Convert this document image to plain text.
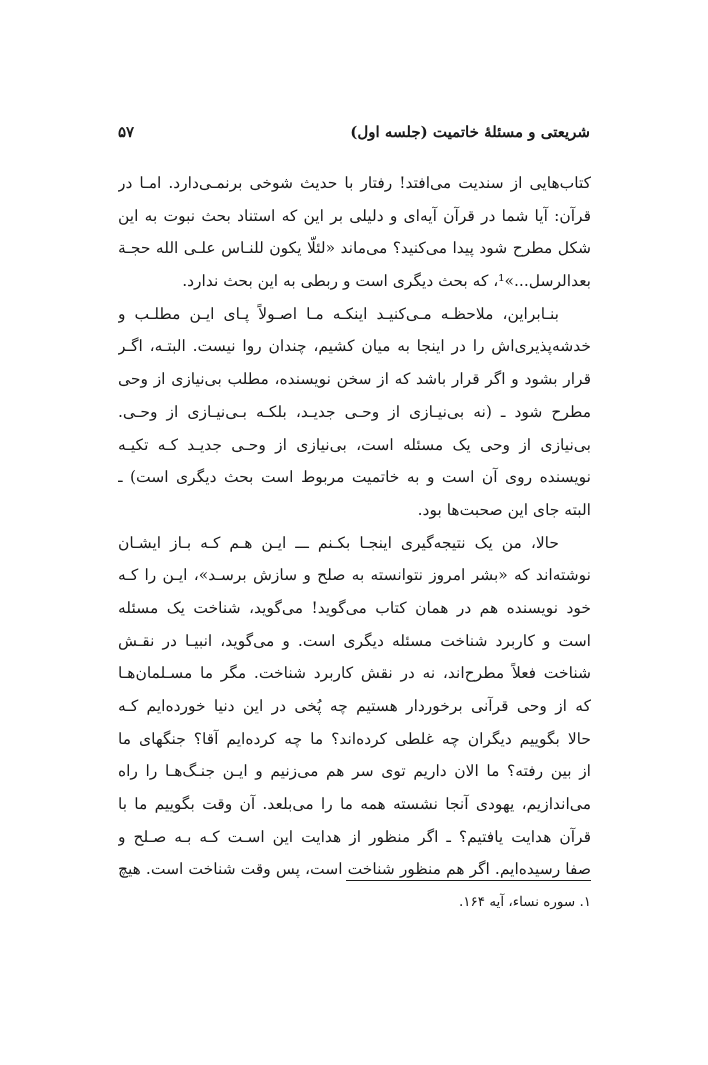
شریعتی و مسئلهٔ خاتمیت (جلسه اول)
۵۷
کتاب‌هایی از سندیت می‌افتد! رفتار با حدیث شوخی برنمـی‌دارد. امـا در
قرآن: آیا شما در قرآن آیه‌ای و دلیلی بر این که استناد بحث نبوت به این
شکل مطرح شود پیدا می‌کنید؟ می‌ماند «لئلّا یکون للنـاس علـی الله حجـة
بعدالرسل...»¹، که بحث دیگری است و ربطی به این بحث ندارد.
بنـابراین، ملاحظـه مـی‌کنیـد اینکـه مـا اصـولاً پـای ایـن مطلـب و
خدشه‌پذیری‌اش را در اینجا به میان کشیم، چندان روا نیست. البتـه، اگـر
قرار بشود و اگر قرار باشد که از سخن نویسنده، مطلب بی‌نیازی از وحی
مطرح شود ـ (نه بی‌نیـازی از وحـی جدیـد، بلکـه بـی‌نیـازی از وحـی.
بی‌نیازی از وحی یک مسئله است، بی‌نیازی از وحـی جدیـد کـه تکیـه
نویسنده روی آن است و به خاتمیت مربوط است بحث دیگری است) ـ
البته جای این صحبت‌ها بود.
حالا، من یک نتیجه‌گیری اینجـا بکـنم ـــ ایـن هـم کـه بـاز ایشـان
نوشته‌اند که «بشر امروز نتوانسته به صلح و سازش برسـد»، ایـن را کـه
خود نویسنده هم در همان کتاب می‌گوید! می‌گوید، شناخت یک مسئله
است و کاربرد شناخت مسئله دیگری است. و می‌گوید، انبیـا در نقـش
شناخت فعلاً مطرح‌اند، نه در نقش کاربرد شناخت. مگر ما مسـلمان‌هـا
که از وحی قرآنی برخوردار هستیم چه پُخی در این دنیا خورده‌ایم کـه
حالا بگوییم دیگران چه غلطی کرده‌اند؟ ما چه کرده‌ایم آقا؟ جنگهای ما
از بین رفته؟ ما الان داریم توی سر هم می‌زنیم و ایـن جنـگ‌هـا را راه
می‌اندازیم، یهودی آنجا نشسته همه ما را می‌بلعد. آن وقت بگوییم ما با
قرآن هدایت یافتیم؟ ـ اگر منظور از هدایت این اسـت کـه بـه صـلح و
صفا رسیده‌ایم. اگر هم منظور شناخت است، پس وقت شناخت است. هیچ
۱. سوره نساء، آیه ۱۶۴.
